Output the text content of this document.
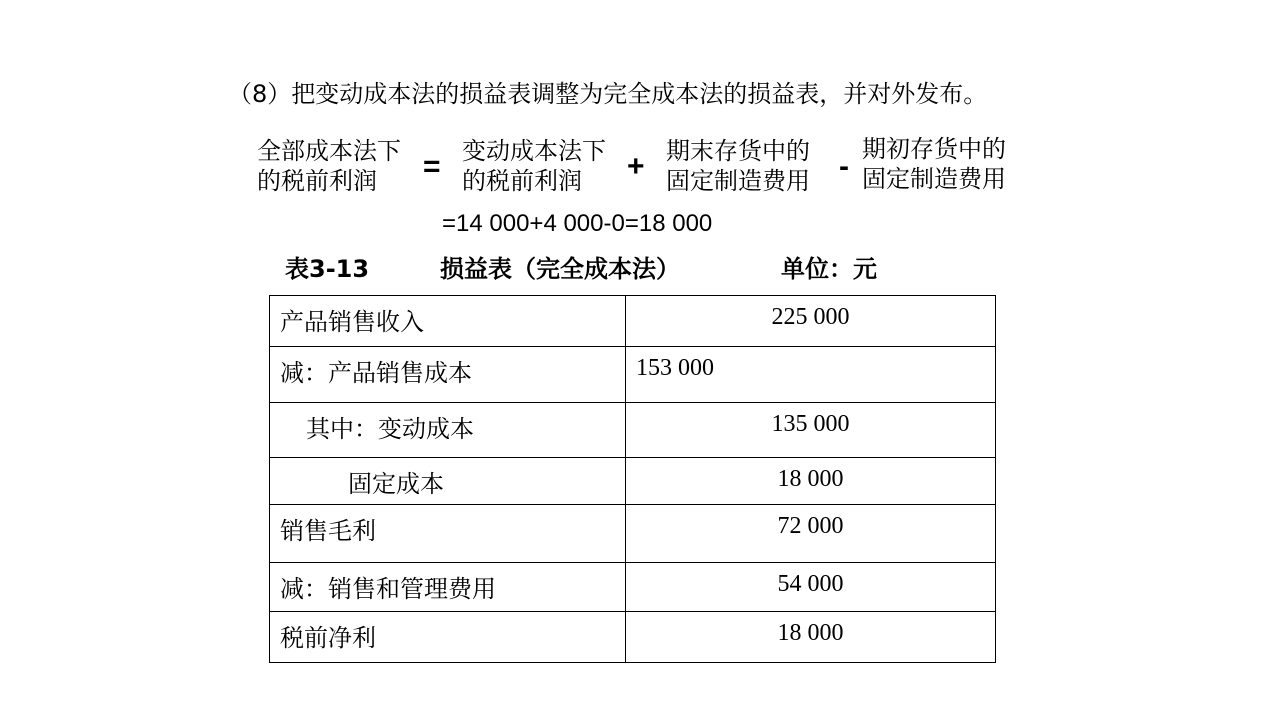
（8）把变动成本法的损益表调整为完全成本法的损益表，并对外发布。
全部成本法下
的税前利润	= 变动成本法下
的税前利润	+ 期末存货中的
固定制造费用 -
期初存货中的
固定制造费用
=14 000+4 000-0=18 000
表3-13	损益表（完全成本法）	单位：元
产品销售收入	225 000
减：产品销售成本	153 000
其中：变动成本	135 000
固定成本	18 000
销售毛利	72 000
减：销售和管理费用	54 000
税前净利	18 000
